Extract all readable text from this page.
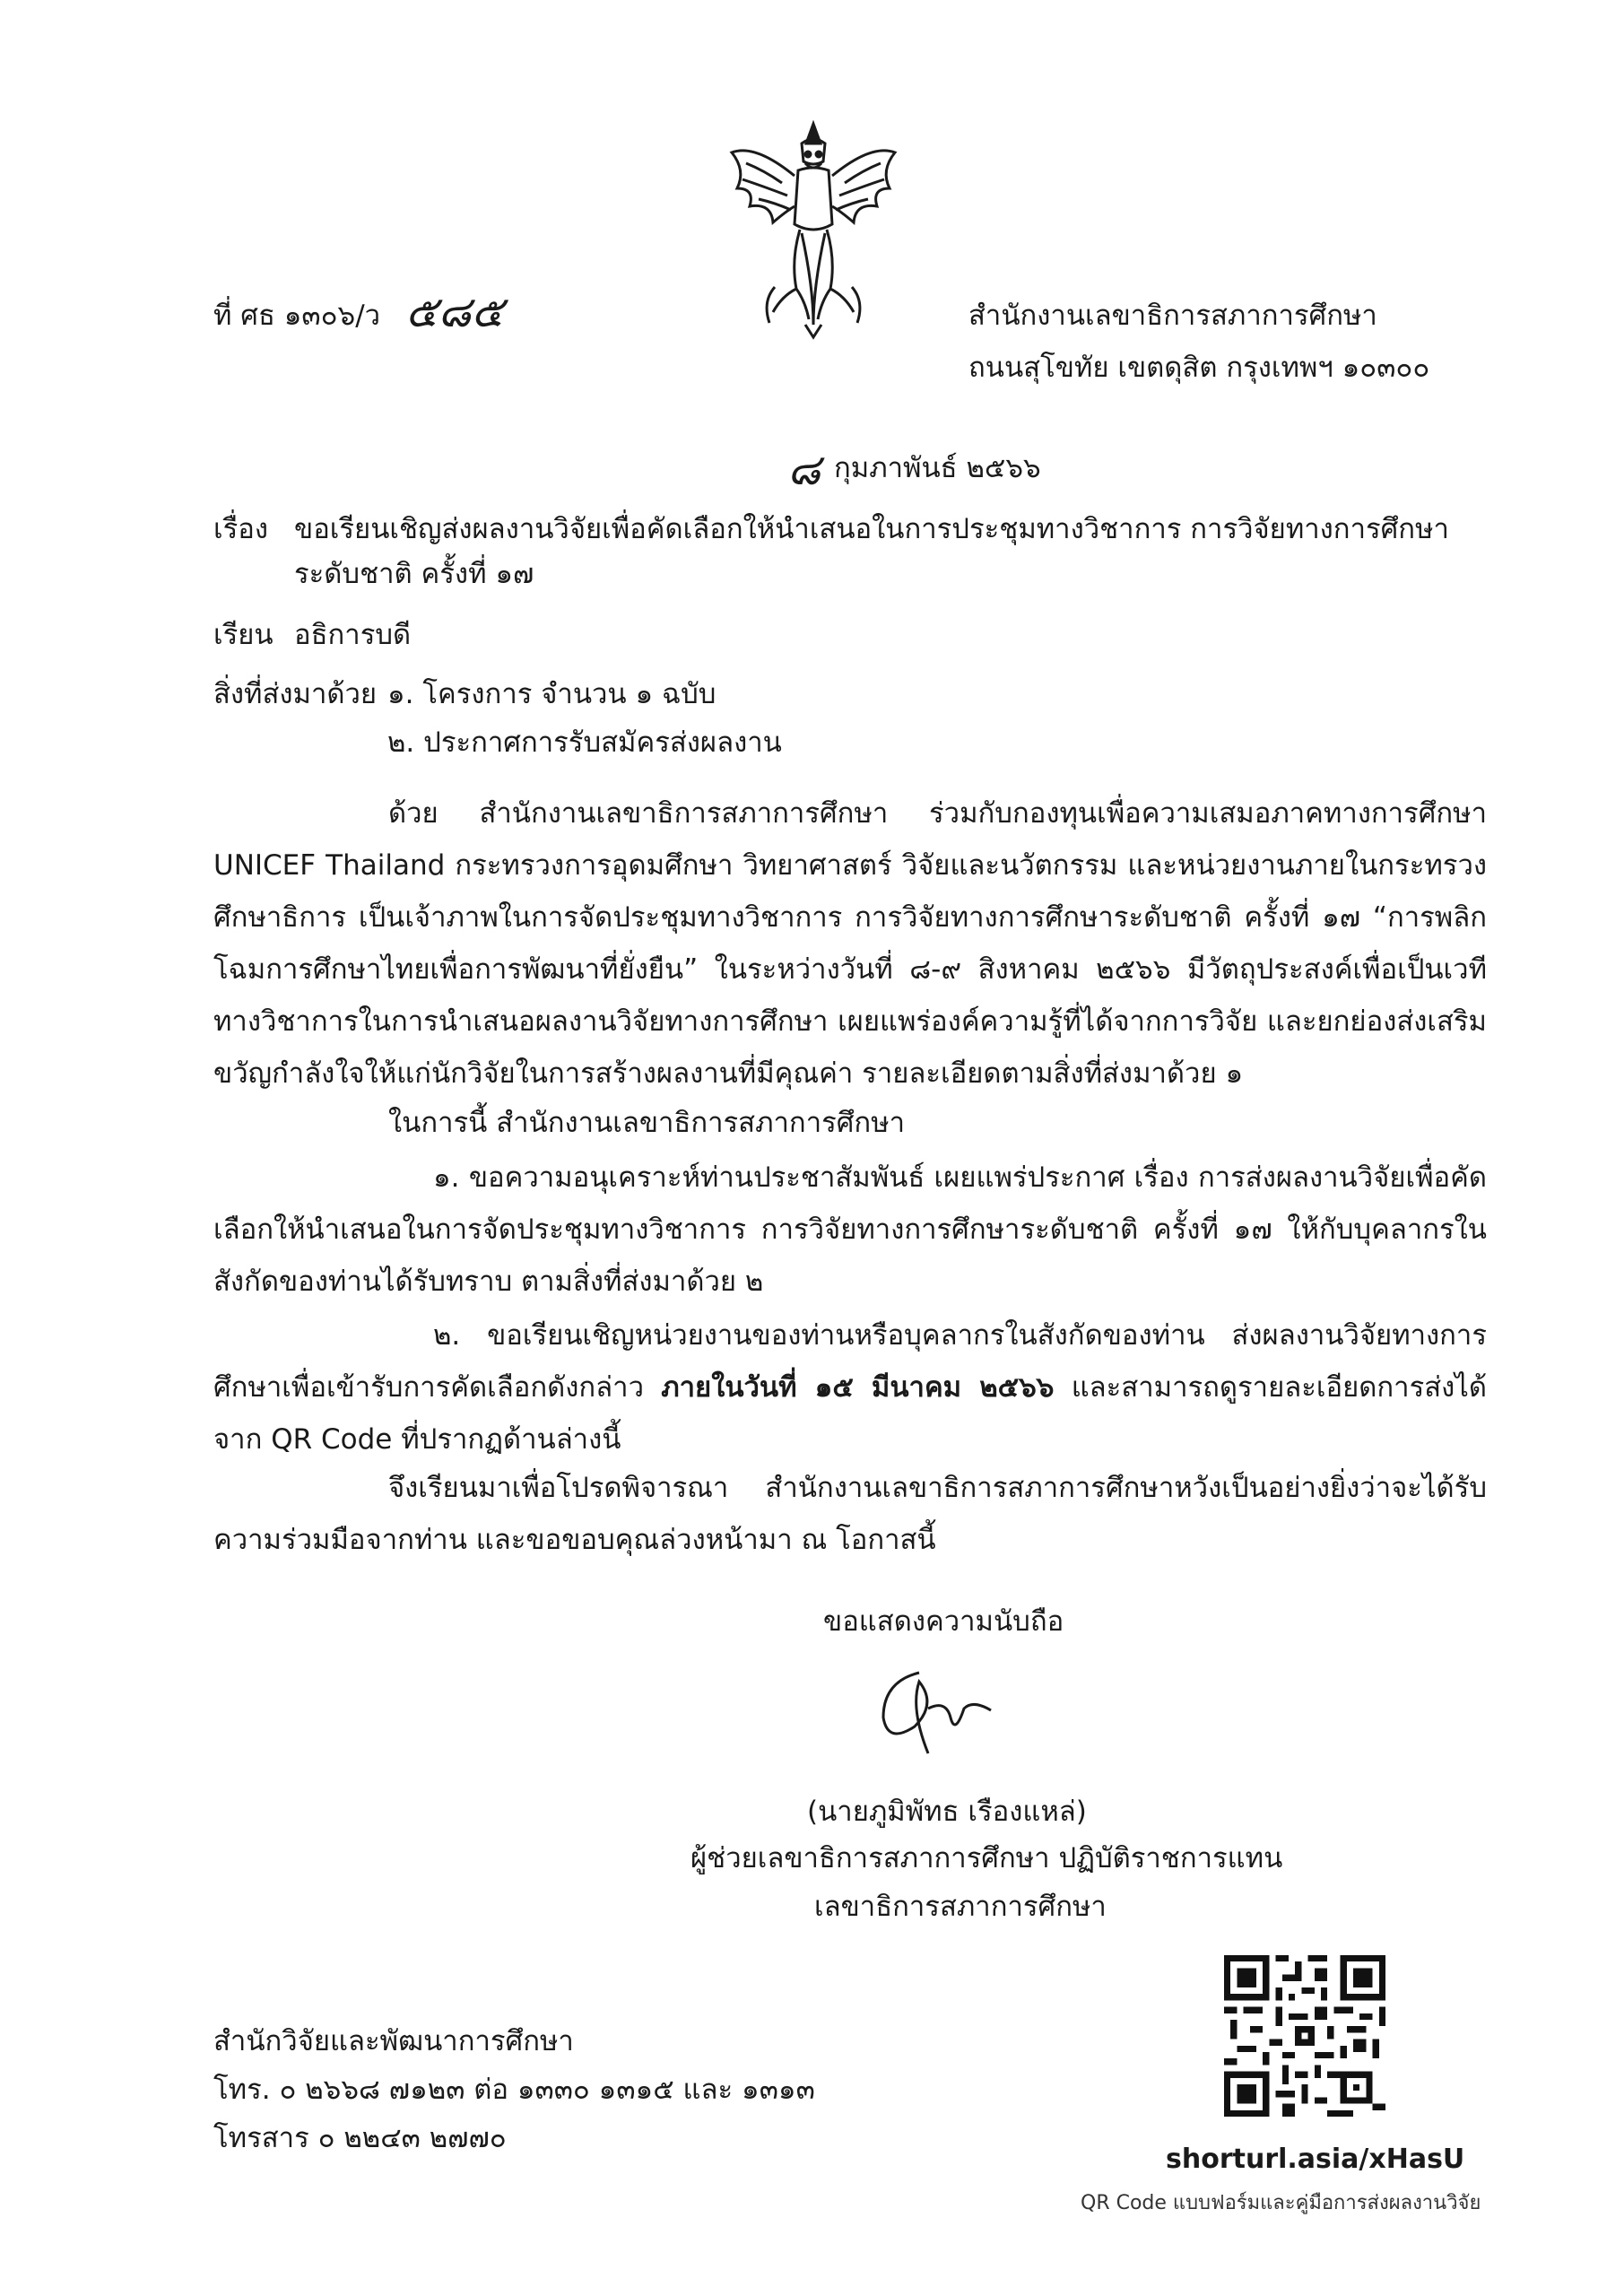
ที่ ศธ ๑๓๐๖/ว ๕๘๕	สำนักงานเลขาธิการสภาการศึกษา
ถนนสุโขทัย เขตดุสิต กรุงเทพฯ ๑๐๓๐๐
๘ กุมภาพันธ์ ๒๕๖๖
เรื่อง ขอเรียนเชิญส่งผลงานวิจัยเพื่อคัดเลือกให้นำเสนอในการประชุมทางวิชาการ การวิจัยทางการศึกษา
ระดับชาติ ครั้งที่ ๑๗
เรียน อธิการบดี
สิ่งที่ส่งมาด้วย ๑. โครงการ จำนวน ๑ ฉบับ
๒. ประกาศการรับสมัครส่งผลงาน
ด้วย สำนักงานเลขาธิการสภาการศึกษา ร่วมกับกองทุนเพื่อความเสมอภาคทางการศึกษา UNICEF Thailand กระทรวงการอุดมศึกษา วิทยาศาสตร์ วิจัยและนวัตกรรม และหน่วยงานภายในกระทรวงศึกษาธิการ เป็นเจ้าภาพในการจัดประชุมทางวิชาการ การวิจัยทางการศึกษาระดับชาติ ครั้งที่ ๑๗ “การพลิกโฉมการศึกษาไทยเพื่อการพัฒนาที่ยั่งยืน” ในระหว่างวันที่ ๘-๙ สิงหาคม ๒๕๖๖ มีวัตถุประสงค์เพื่อเป็นเวทีทางวิชาการในการนำเสนอผลงานวิจัยทางการศึกษา เผยแพร่องค์ความรู้ที่ได้จากการวิจัย และยกย่องส่งเสริมขวัญกำลังใจให้แก่นักวิจัยในการสร้างผลงานที่มีคุณค่า รายละเอียดตามสิ่งที่ส่งมาด้วย ๑
ในการนี้ สำนักงานเลขาธิการสภาการศึกษา
๑. ขอความอนุเคราะห์ท่านประชาสัมพันธ์ เผยแพร่ประกาศ เรื่อง การส่งผลงานวิจัยเพื่อคัดเลือกให้นำเสนอในการจัดประชุมทางวิชาการ การวิจัยทางการศึกษาระดับชาติ ครั้งที่ ๑๗ ให้กับบุคลากรในสังกัดของท่านได้รับทราบ ตามสิ่งที่ส่งมาด้วย ๒
๒. ขอเรียนเชิญหน่วยงานของท่านหรือบุคลากรในสังกัดของท่าน ส่งผลงานวิจัยทางการศึกษาเพื่อเข้ารับการคัดเลือกดังกล่าว ภายในวันที่ ๑๕ มีนาคม ๒๕๖๖ และสามารถดูรายละเอียดการส่งได้จาก QR Code ที่ปรากฏด้านล่างนี้
จึงเรียนมาเพื่อโปรดพิจารณา สำนักงานเลขาธิการสภาการศึกษาหวังเป็นอย่างยิ่งว่าจะได้รับความร่วมมือจากท่าน และขอขอบคุณล่วงหน้ามา ณ โอกาสนี้
ขอแสดงความนับถือ
(นายภูมิพัทธ เรืองแหล่)
ผู้ช่วยเลขาธิการสภาการศึกษา ปฏิบัติราชการแทน
เลขาธิการสภาการศึกษา
สำนักวิจัยและพัฒนาการศึกษา
โทร. ๐ ๒๖๖๘ ๗๑๒๓ ต่อ ๑๓๓๐ ๑๓๑๕ และ ๑๓๑๓
โทรสาร ๐ ๒๒๔๓ ๒๗๗๐
shorturl.asia/xHasU
QR Code แบบฟอร์มและคู่มือการส่งผลงานวิจัย
